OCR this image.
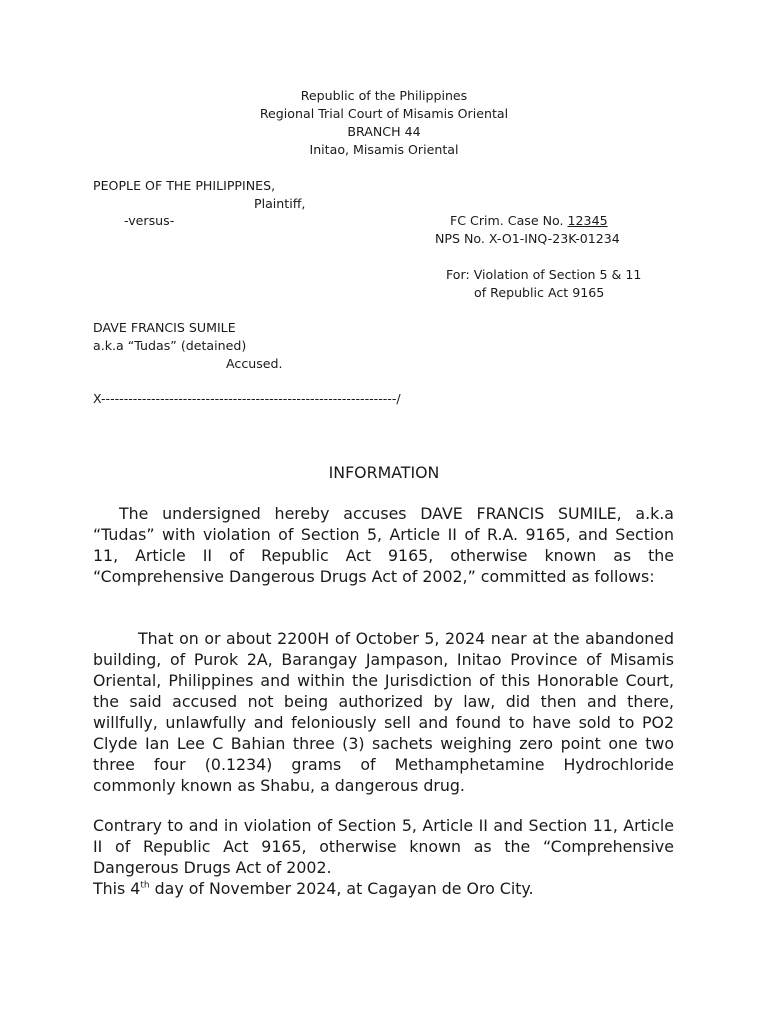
Republic of the Philippines
Regional Trial Court of Misamis Oriental
BRANCH 44
Initao, Misamis Oriental
PEOPLE OF THE PHILIPPINES,
Plaintiff,
-versus-	FC Crim. Case No. 12345
NPS No. X-O1-INQ-23K-01234
For: Violation of Section 5 & 11
of Republic Act 9165
DAVE FRANCIS SUMILE
a.k.a “Tudas” (detained)
Accused.
X-----------------------------------------------------------------/
INFORMATION
The undersigned hereby accuses DAVE FRANCIS SUMILE, a.k.a “Tudas” with violation of Section 5, Article II of R.A. 9165, and Section 11, Article II of Republic Act 9165, otherwise known as the “Comprehensive Dangerous Drugs Act of 2002,” committed as follows:
That on or about 2200H of October 5, 2024 near at the abandoned building, of Purok 2A, Barangay Jampason, Initao Province of Misamis Oriental, Philippines and within the Jurisdiction of this Honorable Court, the said accused not being authorized by law, did then and there, willfully, unlawfully and feloniously sell and found to have sold to PO2 Clyde Ian Lee C Bahian three (3) sachets weighing zero point one two three four (0.1234) grams of Methamphetamine Hydrochloride commonly known as Shabu, a dangerous drug.
Contrary to and in violation of Section 5, Article II and Section 11, Article II of Republic Act 9165, otherwise known as the “Comprehensive Dangerous Drugs Act of 2002.
This 4th day of November 2024, at Cagayan de Oro City.
